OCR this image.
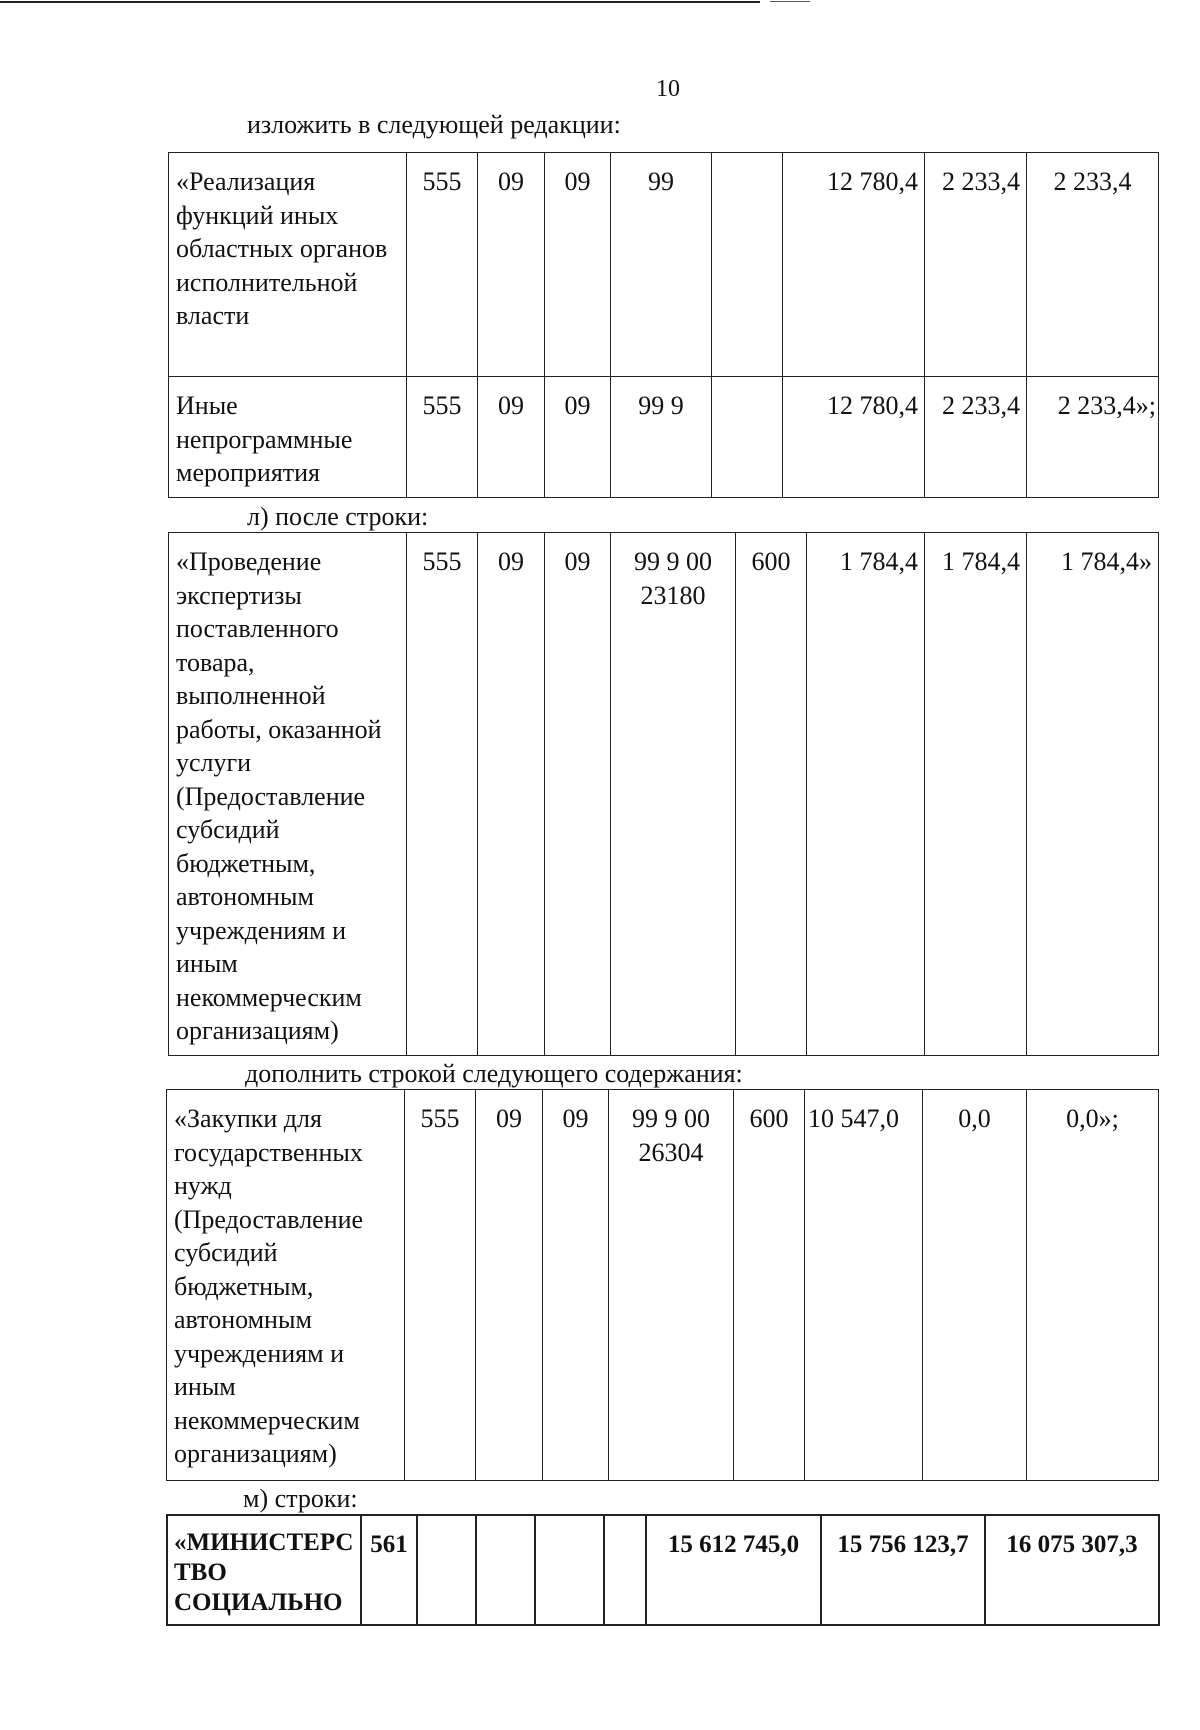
10
изложить в следующей редакции:
«Реализация функций иных областных органов исполнительной власти	555	09	09	99		12 780,4	2 233,4	2 233,4
Иные непрограммные мероприятия	555	09	09	99 9		12 780,4	2 233,4	2 233,4»;
л) после строки:
«Проведение экспертизы поставленного товара, выполненной работы, оказанной услуги (Предоставление субсидий бюджетным, автономным учреждениям и иным некоммерческим организациям)	555	09	09	99 9 00 23180	600	1 784,4	1 784,4	1 784,4»
дополнить строкой следующего содержания:
«Закупки для государственных нужд (Предоставление субсидий бюджетным, автономным учреждениям и иным некоммерческим организациям)	555	09	09	99 9 00 26304	600	10 547,0	0,0	0,0»;
м) строки:
«МИНИСТЕРС ТВО СОЦИАЛЬНО	561					15 612 745,0	15 756 123,7	16 075 307,3
